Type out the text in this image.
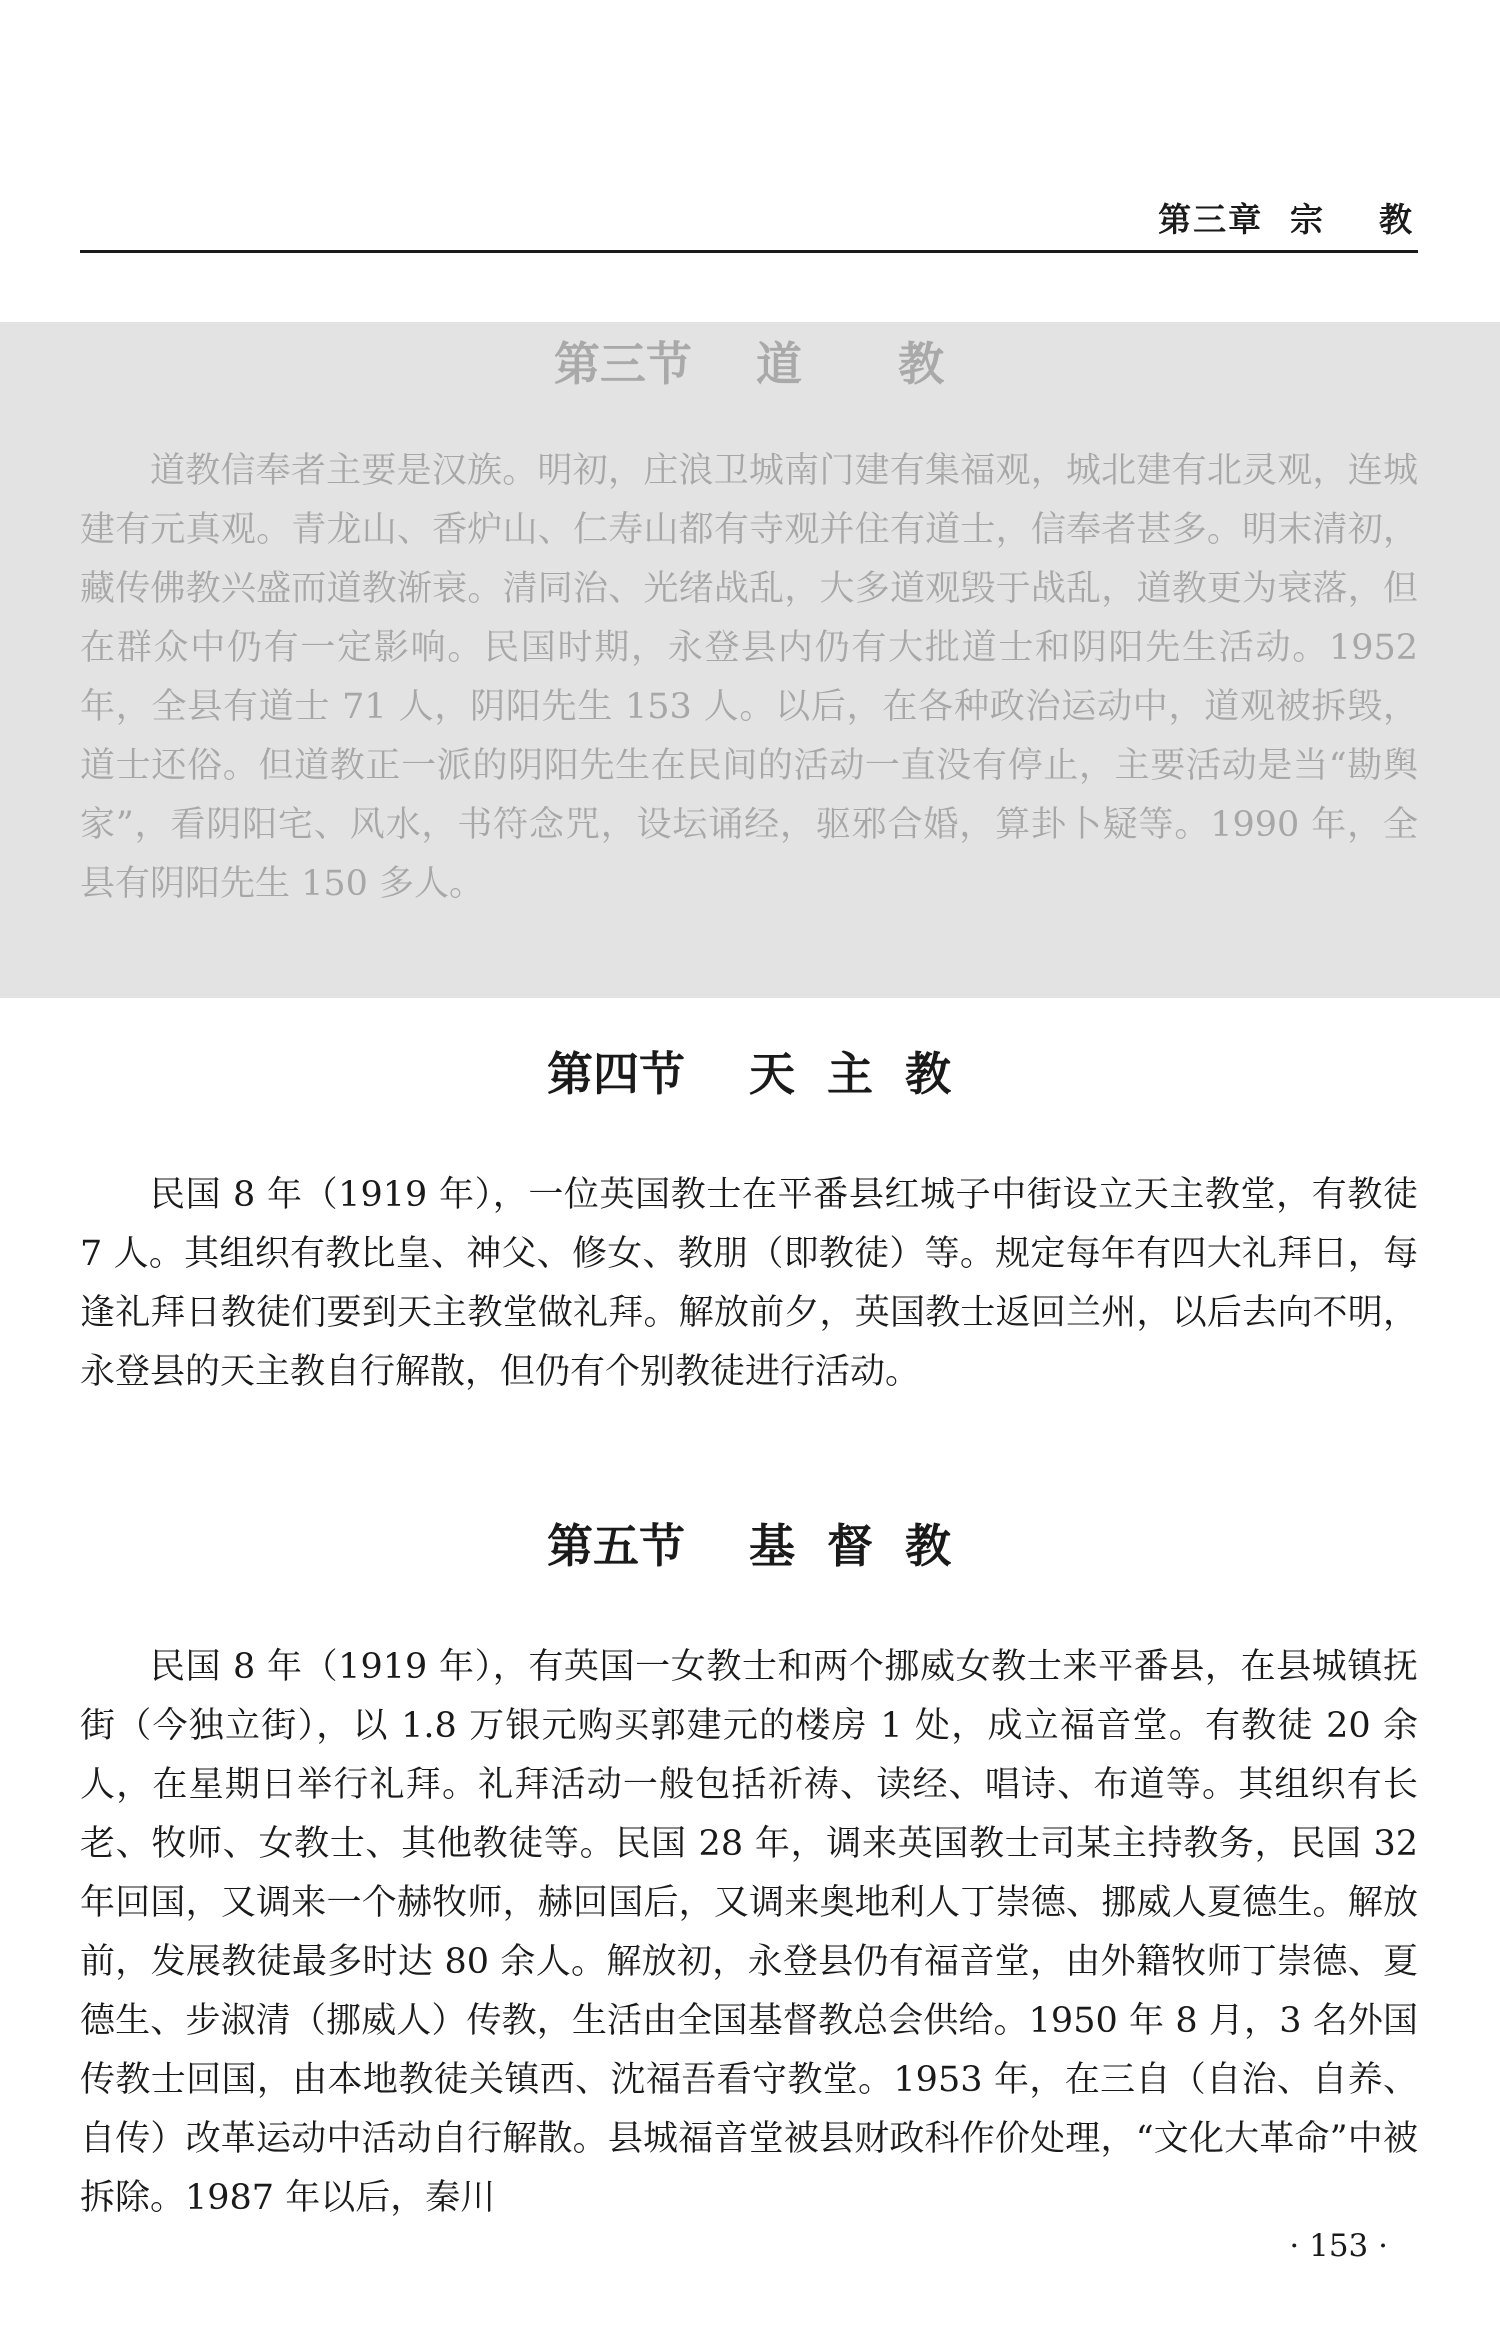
第三章  宗    教
第三节    道      教

道教信奉者主要是汉族。明初，庄浪卫城南门建有集福观，城北建有北灵观，连城建有元真观。青龙山、香炉山、仁寿山都有寺观并住有道士，信奉者甚多。明末清初，藏传佛教兴盛而道教渐衰。清同治、光绪战乱，大多道观毁于战乱，道教更为衰落，但在群众中仍有一定影响。民国时期，永登县内仍有大批道士和阴阳先生活动。1952 年，全县有道士 71 人，阴阳先生 153 人。以后，在各种政治运动中，道观被拆毁，道士还俗。但道教正一派的阴阳先生在民间的活动一直没有停止，主要活动是当“勘舆家”，看阴阳宅、风水，书符念咒，设坛诵经，驱邪合婚，算卦卜疑等。1990 年，全县有阴阳先生 150 多人。

第四节    天  主  教

民国 8 年（1919 年），一位英国教士在平番县红城子中街设立天主教堂，有教徒 7 人。其组织有教比皇、神父、修女、教朋（即教徒）等。规定每年有四大礼拜日，每逢礼拜日教徒们要到天主教堂做礼拜。解放前夕，英国教士返回兰州，以后去向不明，永登县的天主教自行解散，但仍有个别教徒进行活动。

第五节    基  督  教

民国 8 年（1919 年），有英国一女教士和两个挪威女教士来平番县，在县城镇抚街（今独立街），以 1.8 万银元购买郭建元的楼房 1 处，成立福音堂。有教徒 20 余人，在星期日举行礼拜。礼拜活动一般包括祈祷、读经、唱诗、布道等。其组织有长老、牧师、女教士、其他教徒等。民国 28 年，调来英国教士司某主持教务，民国 32 年回国，又调来一个赫牧师，赫回国后，又调来奥地利人丁崇德、挪威人夏德生。解放前，发展教徒最多时达 80 余人。解放初，永登县仍有福音堂，由外籍牧师丁崇德、夏德生、步淑清（挪威人）传教，生活由全国基督教总会供给。1950 年 8 月，3 名外国传教士回国，由本地教徒关镇西、沈福吾看守教堂。1953 年，在三自（自治、自养、自传）改革运动中活动自行解散。县城福音堂被县财政科作价处理，“文化大革命”中被拆除。1987 年以后，秦川

· 153 ·
